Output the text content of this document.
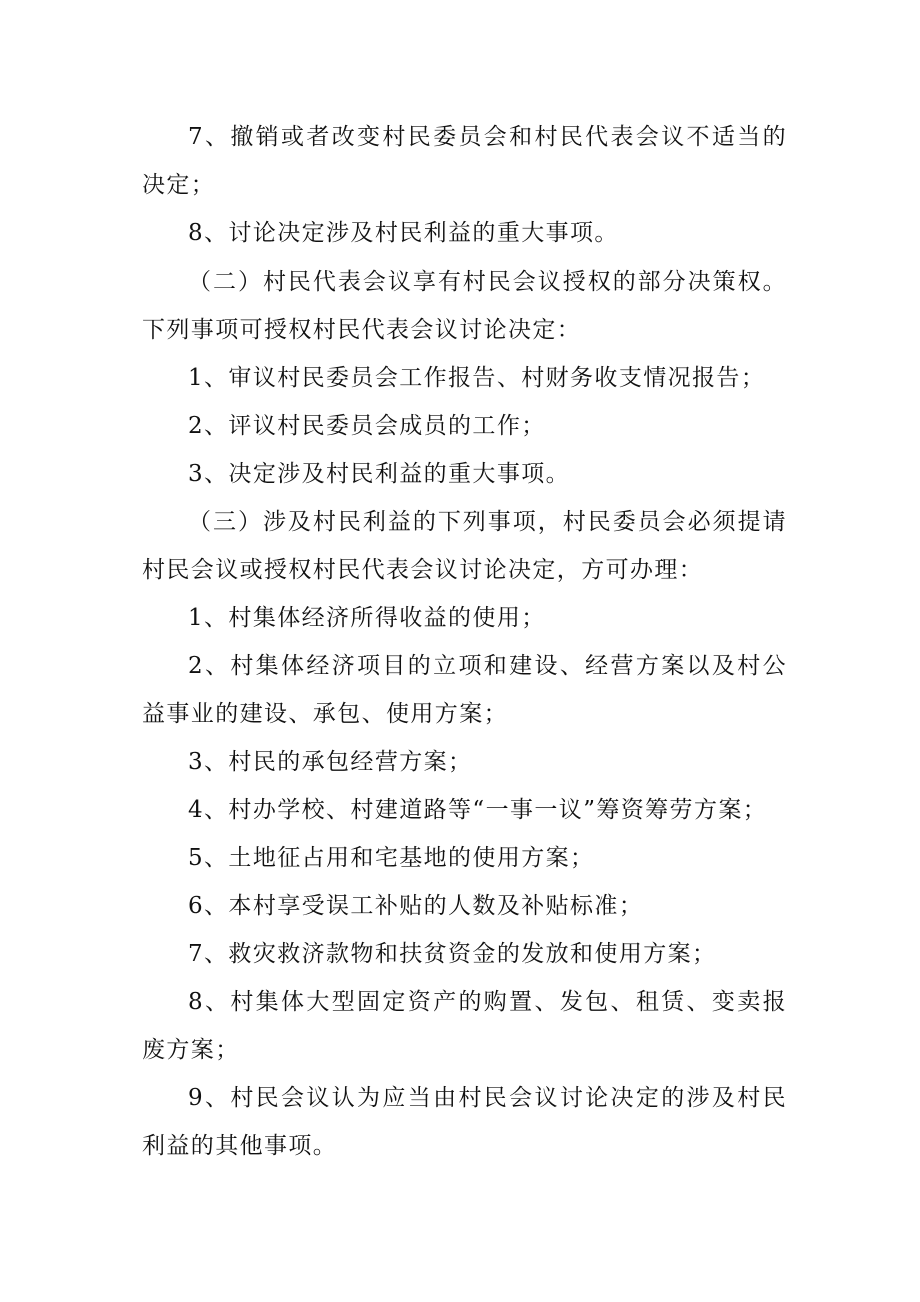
7、撤销或者改变村民委员会和村民代表会议不适当的决定；

8、讨论决定涉及村民利益的重大事项。

（二）村民代表会议享有村民会议授权的部分决策权。下列事项可授权村民代表会议讨论决定：

1、审议村民委员会工作报告、村财务收支情况报告；

2、评议村民委员会成员的工作；

3、决定涉及村民利益的重大事项。

（三）涉及村民利益的下列事项，村民委员会必须提请村民会议或授权村民代表会议讨论决定，方可办理：

1、村集体经济所得收益的使用；

2、村集体经济项目的立项和建设、经营方案以及村公益事业的建设、承包、使用方案；

3、村民的承包经营方案；

4、村办学校、村建道路等“一事一议”筹资筹劳方案；

5、土地征占用和宅基地的使用方案；

6、本村享受误工补贴的人数及补贴标准；

7、救灾救济款物和扶贫资金的发放和使用方案；

8、村集体大型固定资产的购置、发包、租赁、变卖报废方案；

9、村民会议认为应当由村民会议讨论决定的涉及村民利益的其他事项。
